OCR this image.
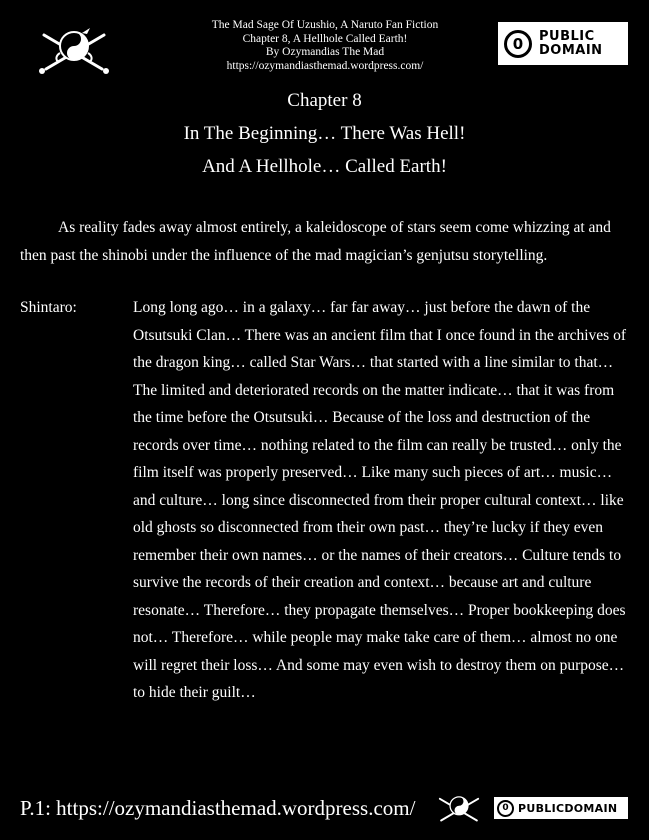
The Mad Sage Of Uzushio, A Naruto Fan Fiction
Chapter 8, A Hellhole Called Earth!
By Ozymandias The Mad
https://ozymandiasthemad.wordpress.com/
0 PUBLIC
DOMAIN
Chapter 8
In The Beginning… There Was Hell!
And A Hellhole… Called Earth!
As reality fades away almost entirely, a kaleidoscope of stars seem come whizzing at and then past the shinobi under the influence of the mad magician’s genjutsu storytelling.
Shintaro:	Long long ago… in a galaxy… far far away… just before the dawn of the Otsutsuki Clan… There was an ancient film that I once found in the archives of the dragon king… called Star Wars… that started with a line similar to that… The limited and deteriorated records on the matter indicate… that it was from the time before the Otsutsuki… Because of the loss and destruction of the records over time… nothing related to the film can really be trusted… only the film itself was properly preserved… Like many such pieces of art… music… and culture… long since disconnected from their proper cultural context… like old ghosts so disconnected from their own past… they’re lucky if they even remember their own names… or the names of their creators… Culture tends to survive the records of their creation and context… because art and culture resonate… Therefore… they propagate themselves… Proper bookkeeping does not… Therefore… while people may make take care of them… almost no one will regret their loss… And some may even wish to destroy them on purpose… to hide their guilt…
P.1: https://ozymandiasthemad.wordpress.com/	0 PUBLICDOMAIN
